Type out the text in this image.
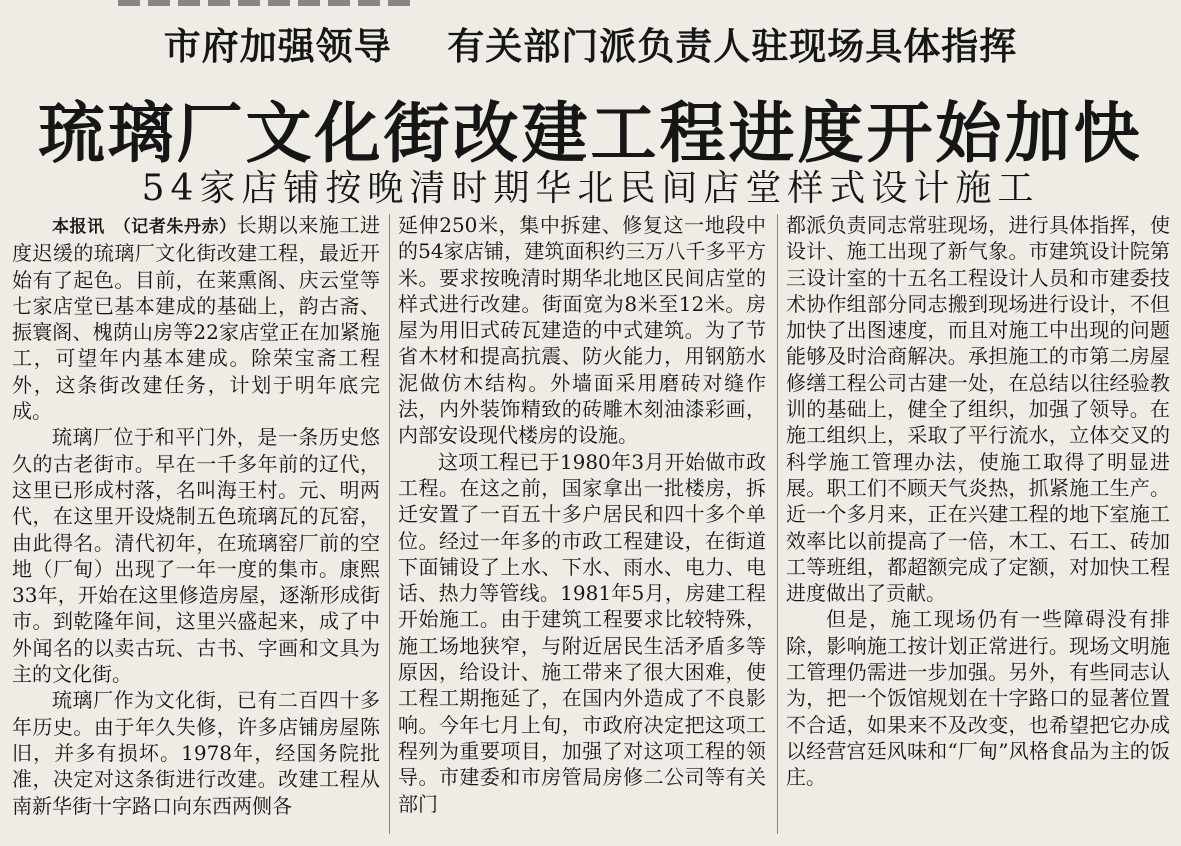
市府加强领导    有关部门派负责人驻现场具体指挥
琉璃厂文化街改建工程进度开始加快
54家店铺按晚清时期华北民间店堂样式设计施工

本报讯　（记者朱丹赤）长期以来施工进度迟缓的琉璃厂文化街改建工程，最近开始有了起色。目前，在莱熏阁、庆云堂等七家店堂已基本建成的基础上，韵古斋、振寰阁、槐荫山房等22家店堂正在加紧施工，可望年内基本建成。除荣宝斋工程外，这条街改建任务，计划于明年底完成。

琉璃厂位于和平门外，是一条历史悠久的古老街市。早在一千多年前的辽代，这里已形成村落，名叫海王村。元、明两代，在这里开设烧制五色琉璃瓦的瓦窑，由此得名。清代初年，在琉璃窑厂前的空地（厂甸）出现了一年一度的集市。康熙33年，开始在这里修造房屋，逐渐形成街市。到乾隆年间，这里兴盛起来，成了中外闻名的以卖古玩、古书、字画和文具为主的文化街。

琉璃厂作为文化街，已有二百四十多年历史。由于年久失修，许多店铺房屋陈旧，并多有损坏。1978年，经国务院批准，决定对这条街进行改建。改建工程从南新华街十字路口向东西两侧各

延伸250米，集中拆建、修复这一地段中的54家店铺，建筑面积约三万八千多平方米。要求按晚清时期华北地区民间店堂的样式进行改建。街面宽为8米至12米。房屋为用旧式砖瓦建造的中式建筑。为了节省木材和提高抗震、防火能力，用钢筋水泥做仿木结构。外墙面采用磨砖对缝作法，内外装饰精致的砖雕木刻油漆彩画，内部安设现代楼房的设施。

这项工程已于1980年3月开始做市政工程。在这之前，国家拿出一批楼房，拆迁安置了一百五十多户居民和四十多个单位。经过一年多的市政工程建设，在街道下面铺设了上水、下水、雨水、电力、电话、热力等管线。1981年5月，房建工程开始施工。由于建筑工程要求比较特殊，施工场地狭窄，与附近居民生活矛盾多等原因，给设计、施工带来了很大困难，使工程工期拖延了，在国内外造成了不良影响。今年七月上旬，市政府决定把这项工程列为重要项目，加强了对这项工程的领导。市建委和市房管局房修二公司等有关部门

都派负责同志常驻现场，进行具体指挥，使设计、施工出现了新气象。市建筑设计院第三设计室的十五名工程设计人员和市建委技术协作组部分同志搬到现场进行设计，不但加快了出图速度，而且对施工中出现的问题能够及时洽商解决。承担施工的市第二房屋修缮工程公司古建一处，在总结以往经验教训的基础上，健全了组织，加强了领导。在施工组织上，采取了平行流水，立体交叉的科学施工管理办法，使施工取得了明显进展。职工们不顾天气炎热，抓紧施工生产。近一个多月来，正在兴建工程的地下室施工效率比以前提高了一倍，木工、石工、砖加工等班组，都超额完成了定额，对加快工程进度做出了贡献。

但是，施工现场仍有一些障碍没有排除，影响施工按计划正常进行。现场文明施工管理仍需进一步加强。另外，有些同志认为，把一个饭馆规划在十字路口的显著位置不合适，如果来不及改变，也希望把它办成以经营宫廷风味和“厂甸”风格食品为主的饭庄。
